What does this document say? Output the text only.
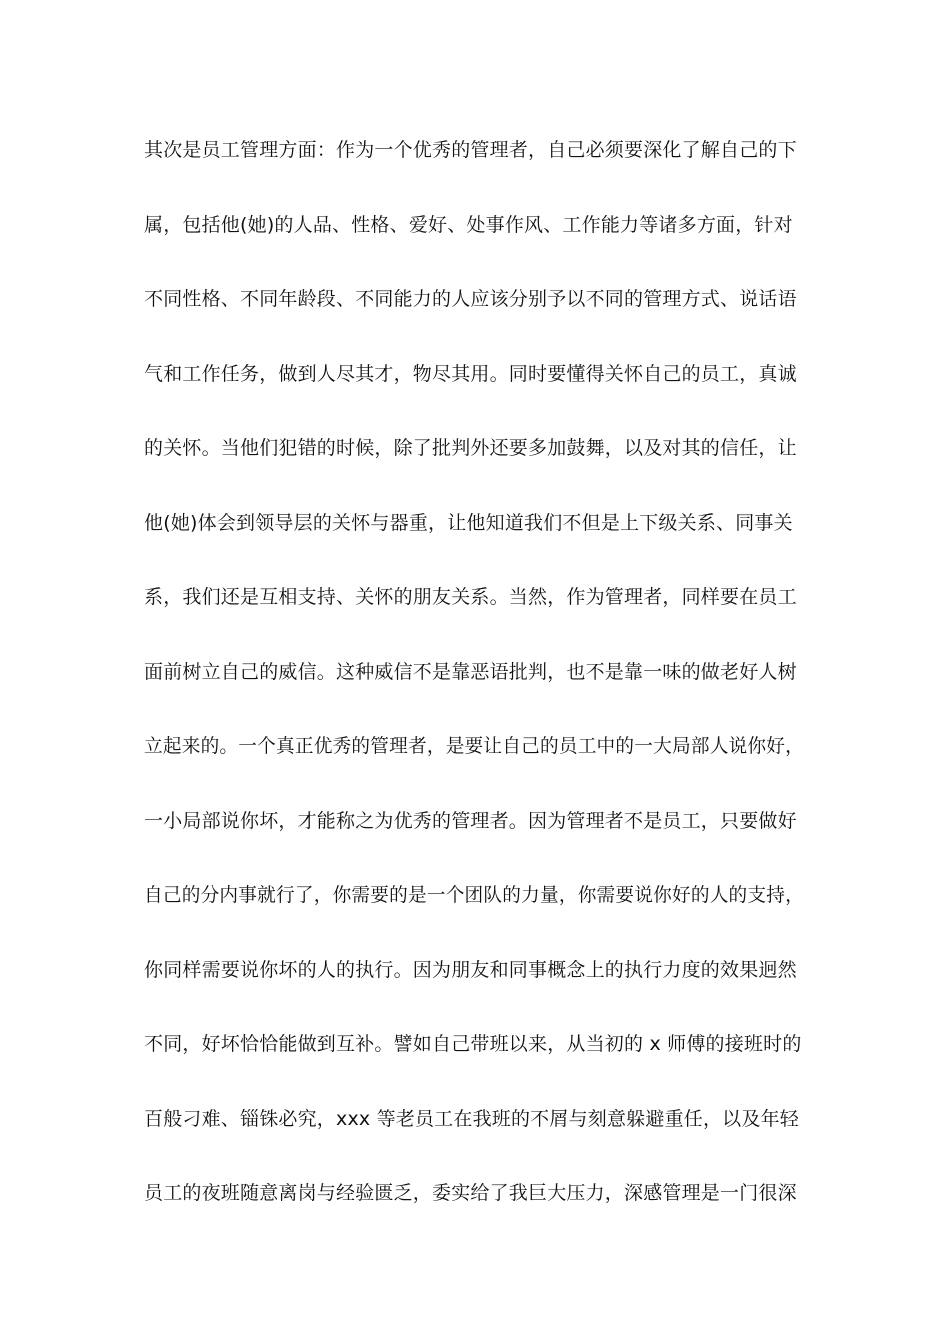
其次是员工管理方面：作为一个优秀的管理者，自己必须要深化了解自己的下
属，包括他(她)的人品、性格、爱好、处事作风、工作能力等诸多方面，针对
不同性格、不同年龄段、不同能力的人应该分别予以不同的管理方式、说话语
气和工作任务，做到人尽其才，物尽其用。同时要懂得关怀自己的员工，真诚
的关怀。当他们犯错的时候，除了批判外还要多加鼓舞，以及对其的信任，让
他(她)体会到领导层的关怀与器重，让他知道我们不但是上下级关系、同事关
系，我们还是互相支持、关怀的朋友关系。当然，作为管理者，同样要在员工
面前树立自己的威信。这种威信不是靠恶语批判，也不是靠一味的做老好人树
立起来的。一个真正优秀的管理者，是要让自己的员工中的一大局部人说你好，
一小局部说你坏，才能称之为优秀的管理者。因为管理者不是员工，只要做好
自己的分内事就行了，你需要的是一个团队的力量，你需要说你好的人的支持，
你同样需要说你坏的人的执行。因为朋友和同事概念上的执行力度的效果迥然
不同，好坏恰恰能做到互补。譬如自己带班以来，从当初的 x 师傅的接班时的
百般刁难、锱铢必究，xxx 等老员工在我班的不屑与刻意躲避重任，以及年轻
员工的夜班随意离岗与经验匮乏，委实给了我巨大压力，深感管理是一门很深
